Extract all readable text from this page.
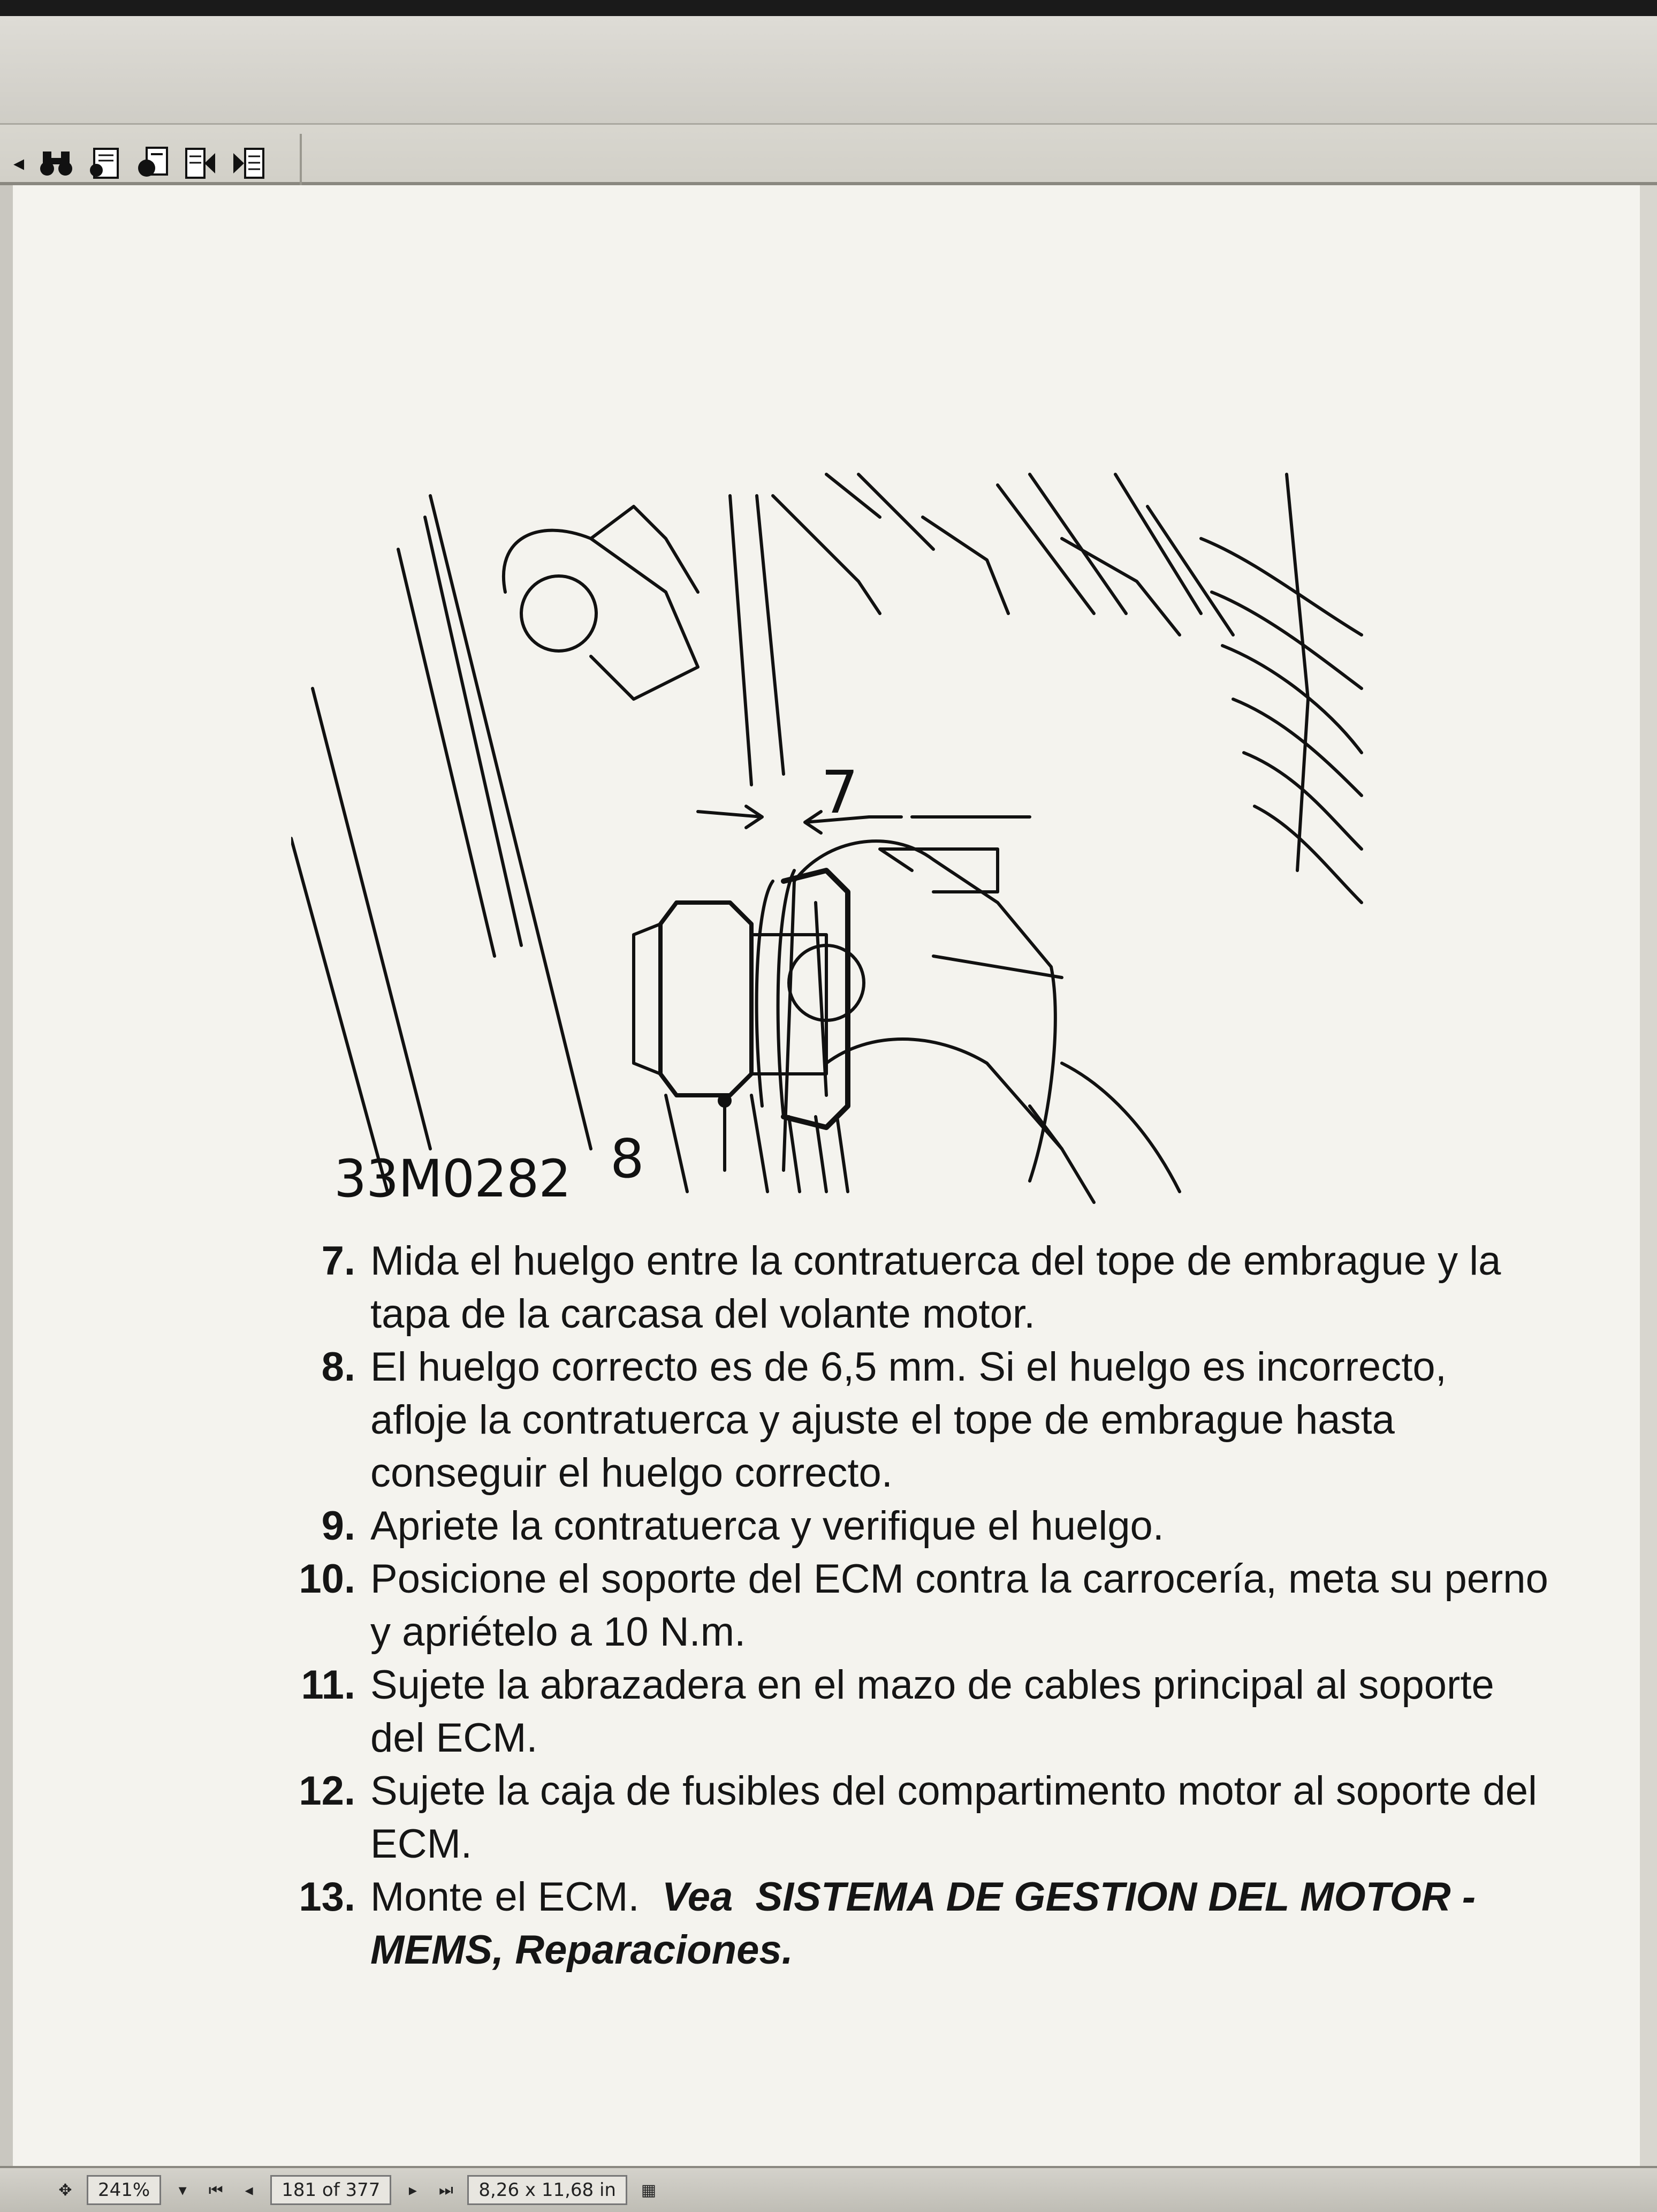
◂
33M0282
7
8
7. Mida el huelgo entre la contratuerca del tope de embrague y la tapa de la carcasa del volante motor.
8. El huelgo correcto es de 6,5 mm. Si el huelgo es incorrecto, afloje la contratuerca y ajuste el tope de embrague hasta conseguir el huelgo correcto.
9. Apriete la contratuerca y verifique el huelgo.
10. Posicione el soporte del ECM contra la carrocería, meta su perno y apriételo a 10 N.m.
11. Sujete la abrazadera en el mazo de cables principal al soporte del ECM.
12. Sujete la caja de fusibles del compartimento motor al soporte del ECM.
13. Monte el ECM. Vea SISTEMA DE GESTION DEL MOTOR - MEMS, Reparaciones.
✥	241%	▾	⏮	◂	181 of 377	▸	⏭	8,26 x 11,68 in	▦
